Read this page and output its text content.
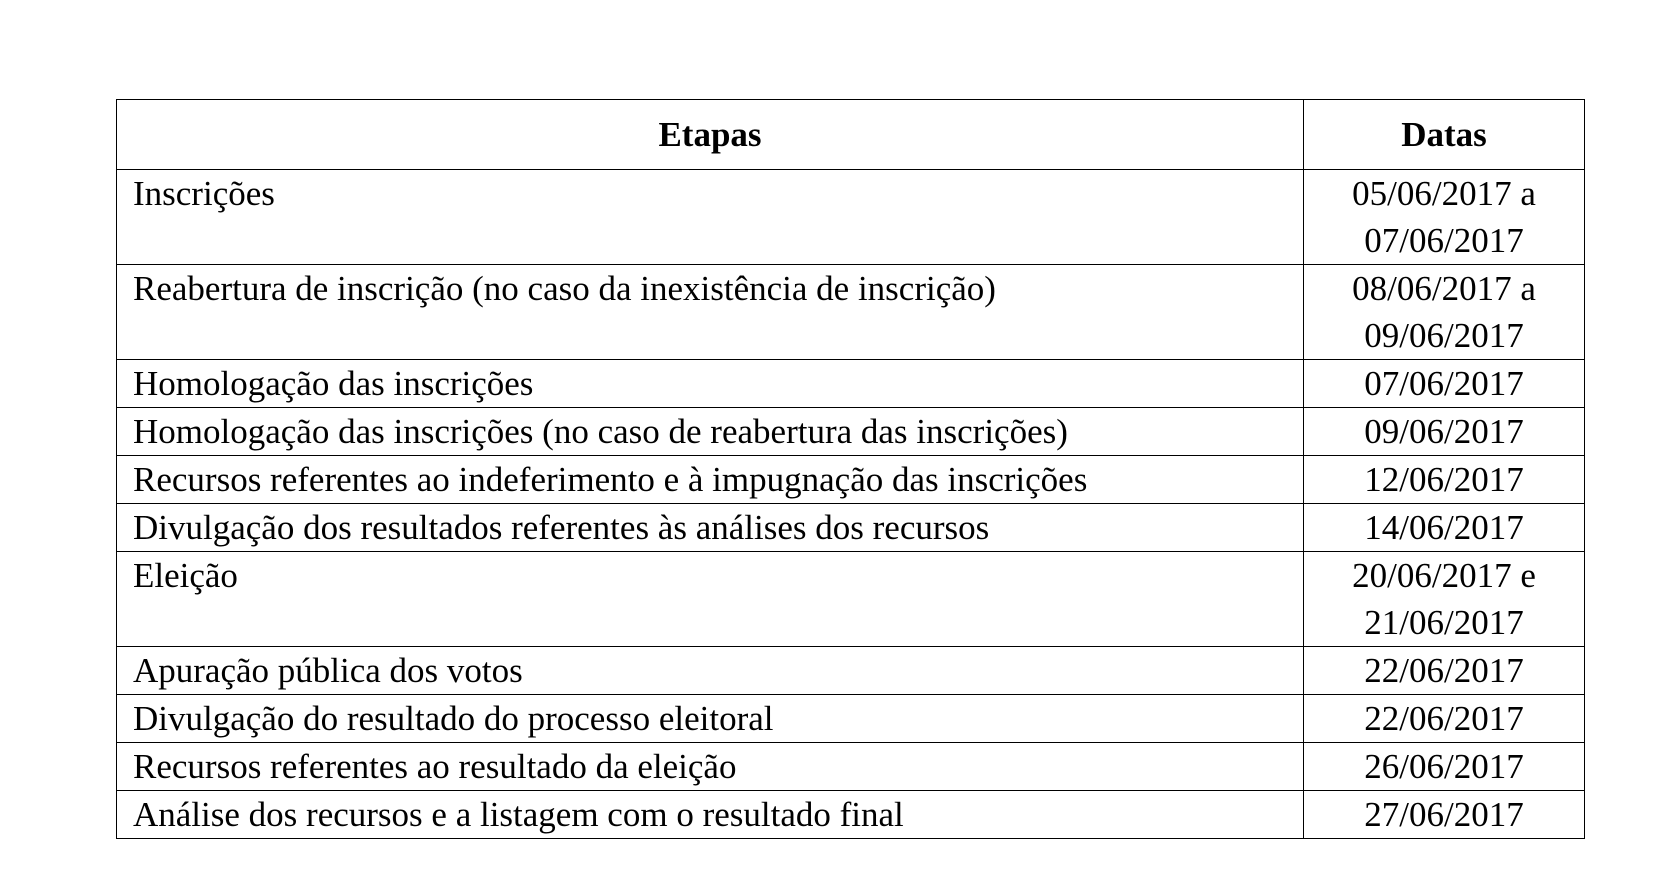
Etapas	Datas
Inscrições	05/06/2017 a
07/06/2017

Reabertura de inscrição (no caso da inexistência de inscrição)	08/06/2017 a
09/06/2017

Homologação das inscrições	07/06/2017

Homologação das inscrições (no caso de reabertura das inscrições)	09/06/2017

Recursos referentes ao indeferimento e à impugnação das inscrições	12/06/2017

Divulgação dos resultados referentes às análises dos recursos	14/06/2017

Eleição	20/06/2017 e
21/06/2017

Apuração pública dos votos	22/06/2017

Divulgação do resultado do processo eleitoral	22/06/2017

Recursos referentes ao resultado da eleição	26/06/2017

Análise dos recursos e a listagem com o resultado final	27/06/2017
